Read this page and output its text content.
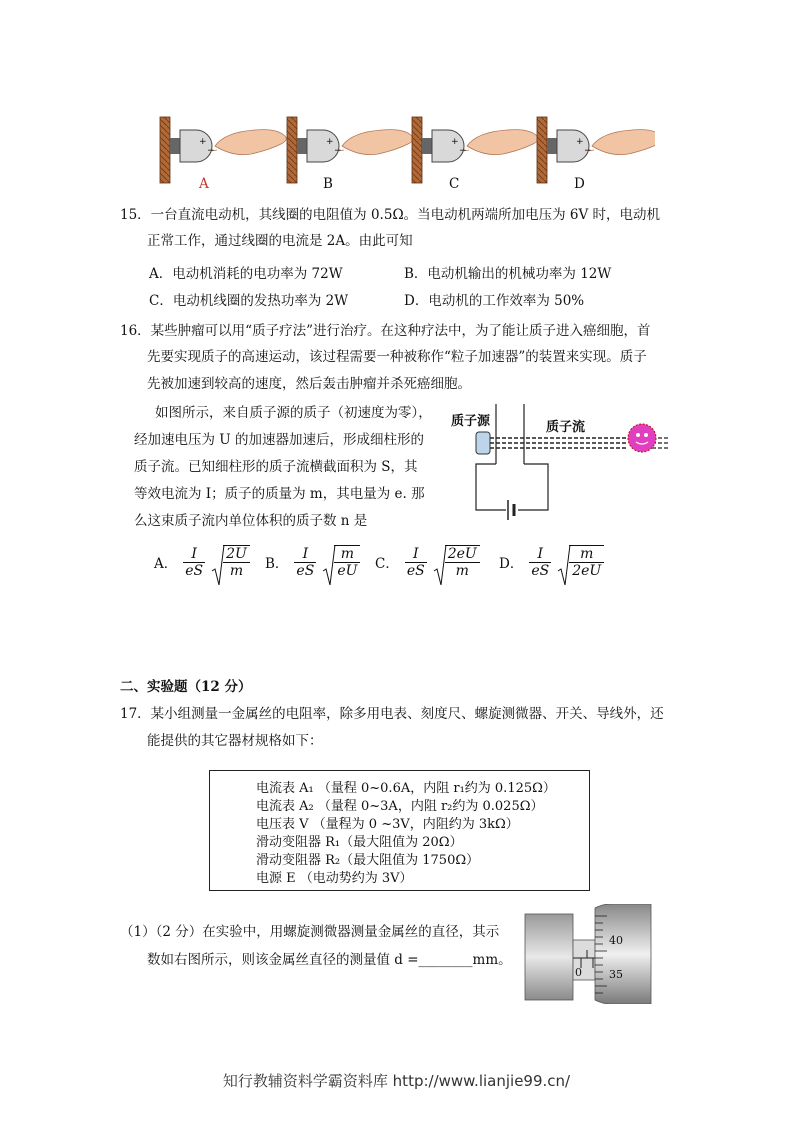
+
−
A	B	C	D
15．一台直流电动机，其线圈的电阻值为 0.5Ω。当电动机两端所加电压为 6V 时，电动机
正常工作，通过线圈的电流是 2A。由此可知
A．电动机消耗的电功率为 72W	B．电动机输出的机械功率为 12W
C．电动机线圈的发热功率为 2W	D．电动机的工作效率为 50%
16．某些肿瘤可以用“质子疗法”进行治疗。在这种疗法中，为了能让质子进入癌细胞，首
先要实现质子的高速运动，该过程需要一种被称作“粒子加速器”的装置来实现。质子
先被加速到较高的速度，然后轰击肿瘤并杀死癌细胞。
如图所示，来自质子源的质子（初速度为零），
经加速电压为 U 的加速器加速后，形成细柱形的
质子流。已知细柱形的质子流横截面积为 S，其
等效电流为 I；质子的质量为 m，其电量为 e. 那
么这束质子流内单位体积的质子数 n 是
质子源	质子流
A． $\frac{I}{eS} \frac{2U}{m}$ B． $\frac{I}{eS} \frac{m}{eU}$ C． $\frac{I}{eS} \frac{2eU}{m}$ D． $\frac{I}{eS} \frac{m}{2eU}$
二、实验题（12 分）
17．某小组测量一金属丝的电阻率，除多用电表、刻度尺、螺旋测微器、开关、导线外，还
能提供的其它器材规格如下：
电流表 A₁ （量程 0~0.6A，内阻 r₁约为 0.125Ω）
电流表 A₂ （量程 0~3A，内阻 r₂约为 0.025Ω）
电压表 V （量程为 0 ~3V，内阻约为 3kΩ）
滑动变阻器 R₁（最大阻值为 20Ω）
滑动变阻器 R₂（最大阻值为 1750Ω）
电源 E （电动势约为 3V）
（1）（2 分）在实验中，用螺旋测微器测量金属丝的直径，其示
数如右图所示，则该金属丝直径的测量值 d =________mm。
40
35
0
知行教辅资料学霸资料库 http://www.lianjie99.cn/
